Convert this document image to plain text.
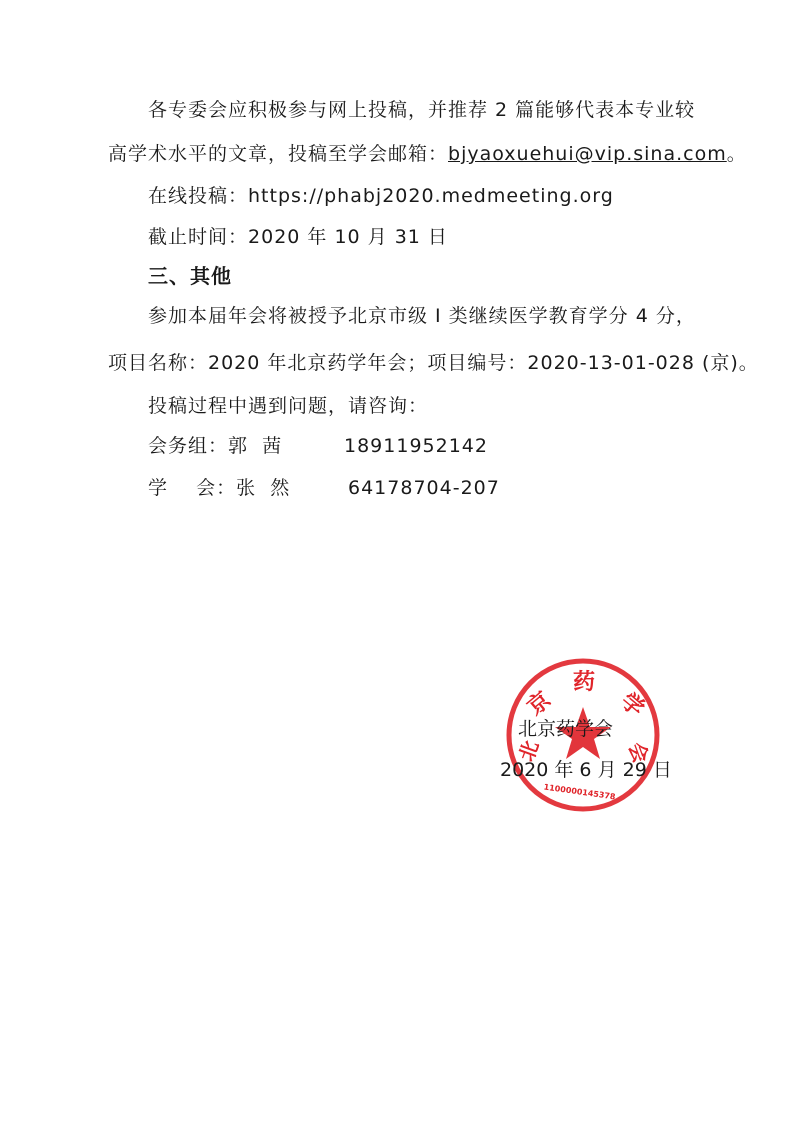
各专委会应积极参与网上投稿，并推荐 2 篇能够代表本专业较
高学术水平的文章，投稿至学会邮箱：bjyaoxuehui@vip.sina.com。
在线投稿：https://phabj2020.medmeeting.org
截止时间：2020 年 10 月 31 日
三、其他
参加本届年会将被授予北京市级 I 类继续医学教育学分 4 分，
项目名称：2020 年北京药学年会；项目编号：2020-13-01-028 (京)。
投稿过程中遇到问题，请咨询：
会务组：郭  茜	18911952142
学    会：张  然	64178704-207
药
京	学
会
北
1100000145378
北京药学会
2020 年 6 月 29 日
